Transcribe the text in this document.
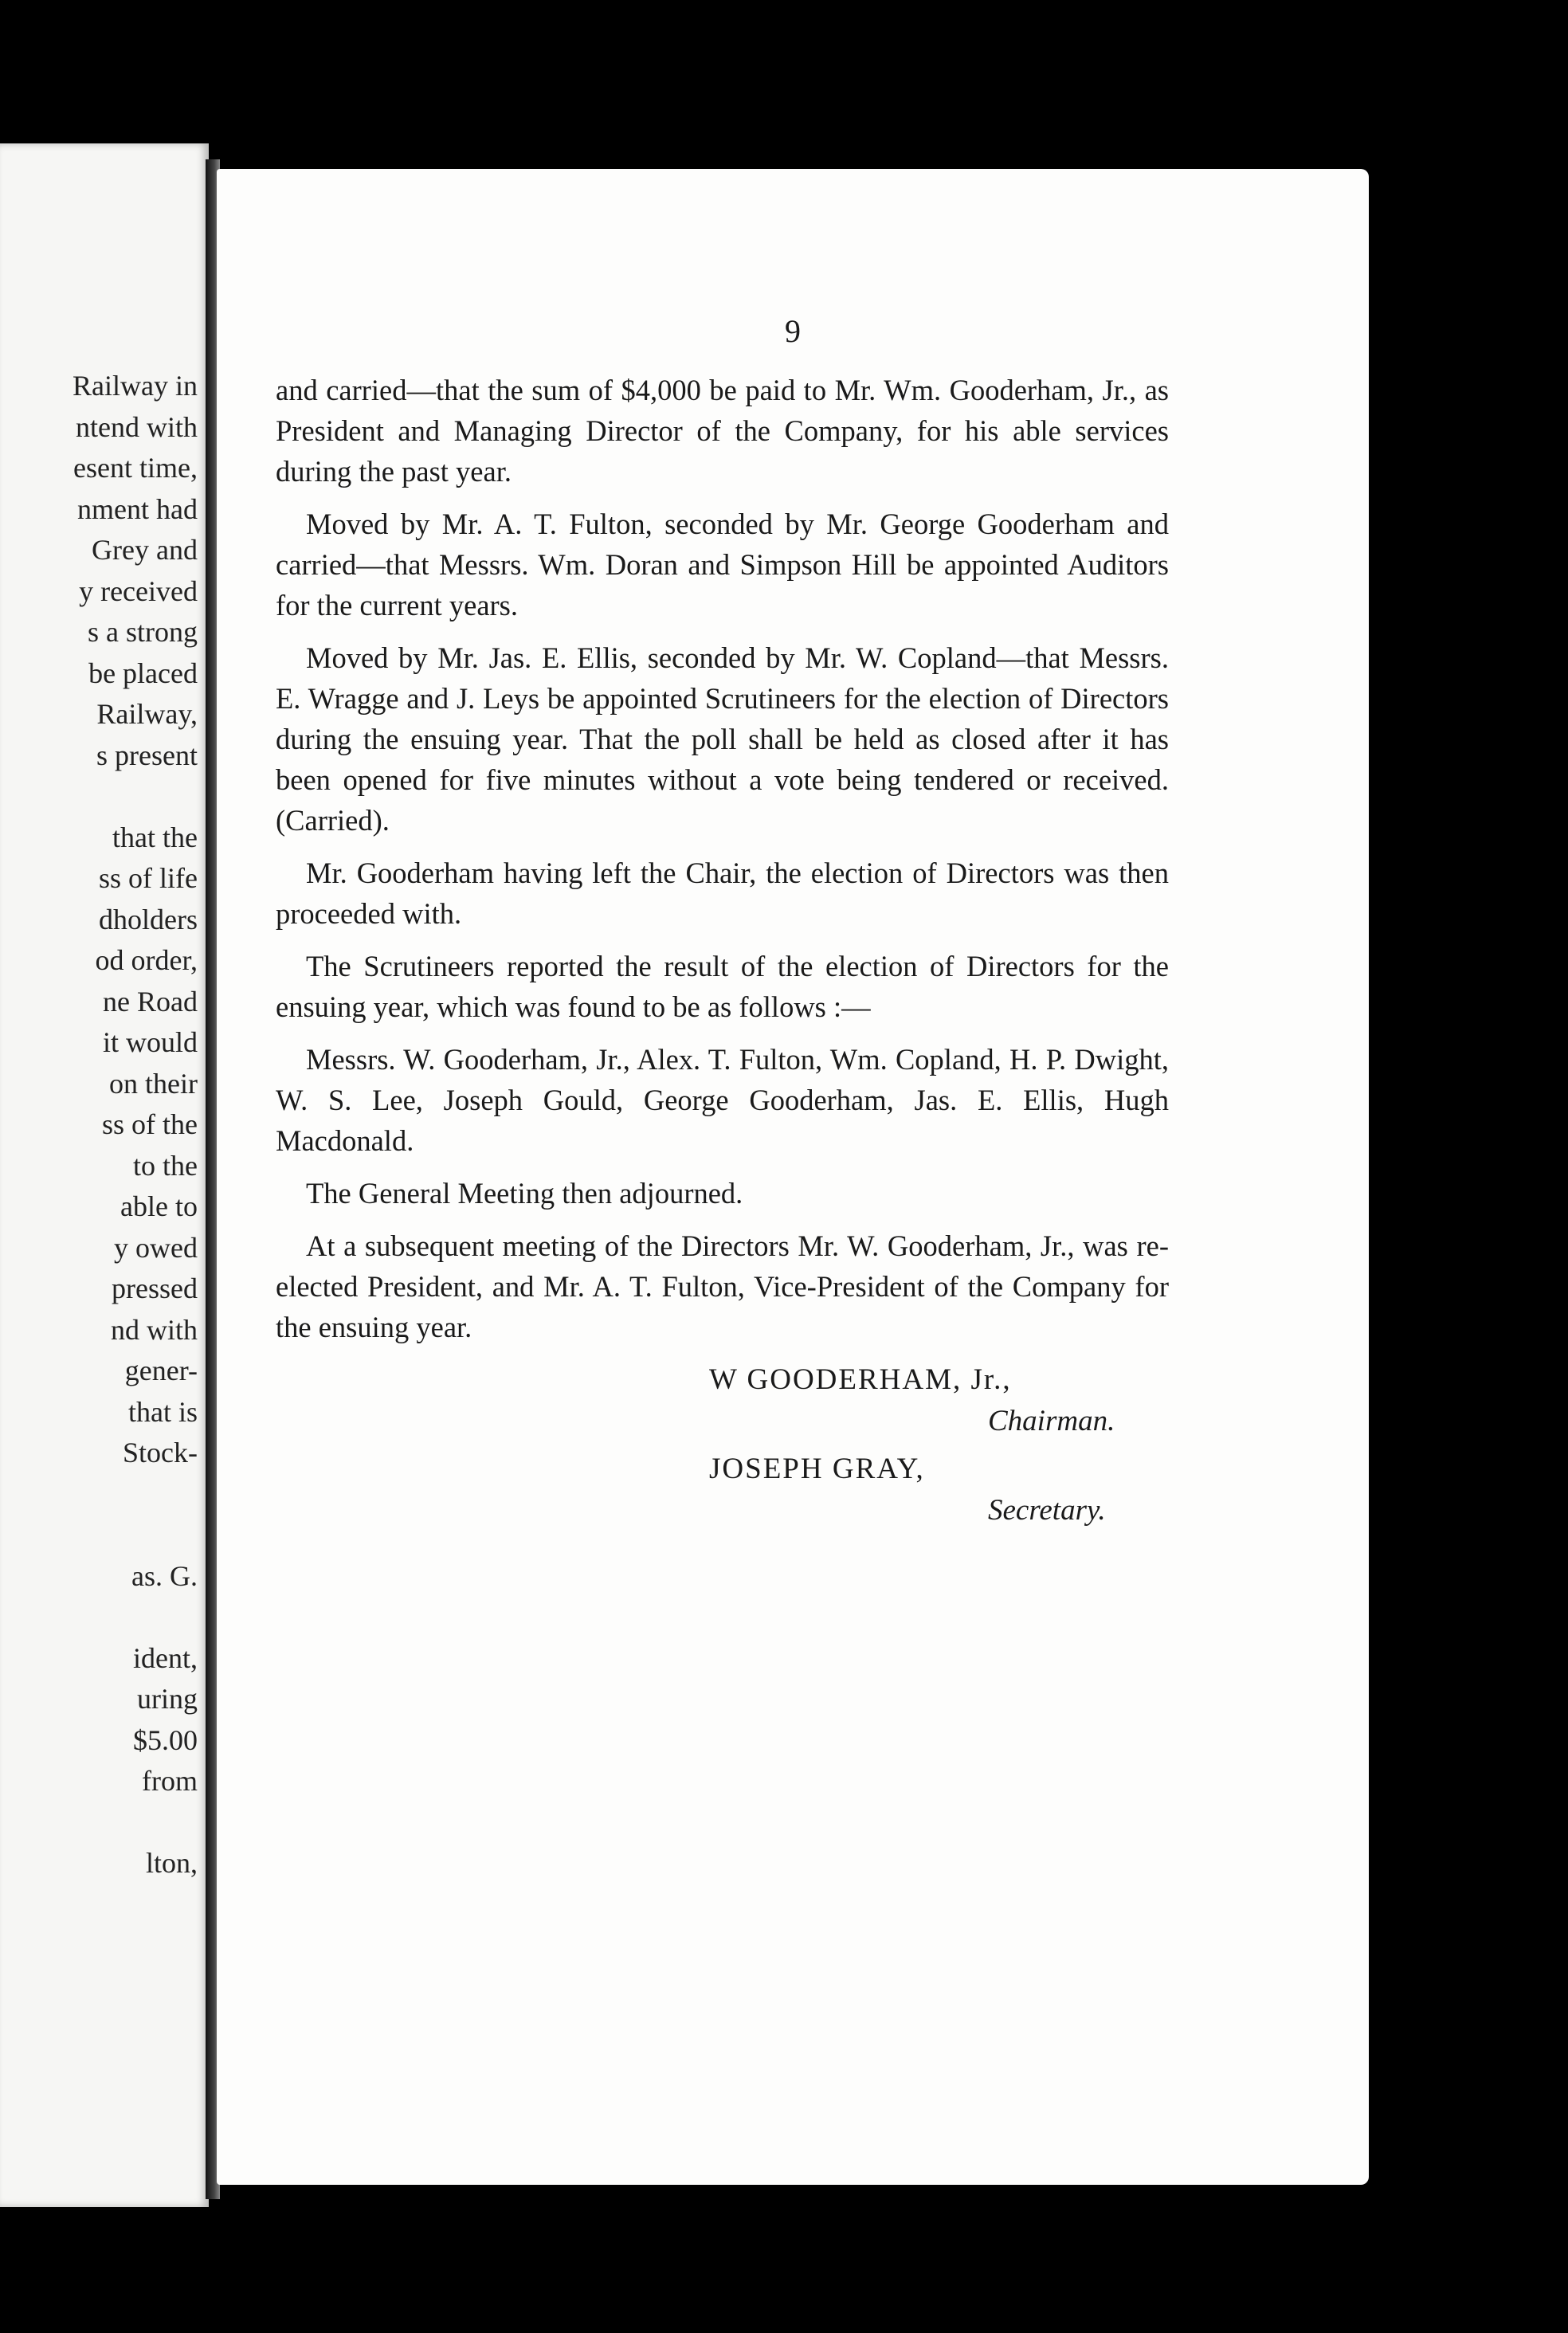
Railway in
ntend with
esent time,
nment had
Grey and
y received
s a strong
be placed
Railway,
s present
that the
ss of life
dholders
od order,
ne Road
it would
on their
ss of the
to the
able to
y owed
pressed
nd with
gener-
that is
Stock-
as. G.
ident,
uring
$5.00
from
lton,
9

and carried—that the sum of $4,000 be paid to Mr. Wm. Gooderham, Jr., as President and Managing Director of the Company, for his able services during the past year.

Moved by Mr. A. T. Fulton, seconded by Mr. George Gooderham and carried—that Messrs. Wm. Doran and Simpson Hill be appointed Auditors for the current years.

Moved by Mr. Jas. E. Ellis, seconded by Mr. W. Copland—that Messrs. E. Wragge and J. Leys be appointed Scrutineers for the election of Directors during the ensuing year. That the poll shall be held as closed after it has been opened for five minutes without a vote being tendered or received. (Carried).

Mr. Gooderham having left the Chair, the election of Directors was then proceeded with.

The Scrutineers reported the result of the election of Directors for the ensuing year, which was found to be as follows :—

Messrs. W. Gooderham, Jr., Alex. T. Fulton, Wm. Copland, H. P. Dwight, W. S. Lee, Joseph Gould, George Gooderham, Jas. E. Ellis, Hugh Macdonald.

The General Meeting then adjourned.

At a subsequent meeting of the Directors Mr. W. Gooderham, Jr., was re-elected President, and Mr. A. T. Fulton, Vice-President of the Company for the ensuing year.

W GOODERHAM, Jr.,
Chairman.
JOSEPH GRAY,
Secretary.
